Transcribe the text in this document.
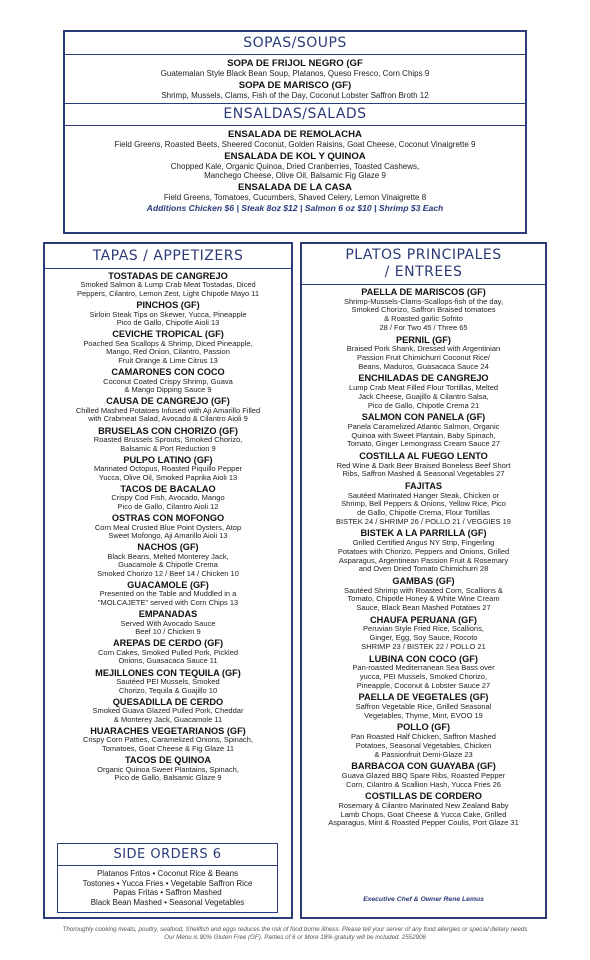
SOPAS/SOUPS
SOPA DE FRIJOL NEGRO (GF
Guatemalan Style Black Bean Soup, Platanos, Queso Fresco, Corn Chips 9
SOPA DE MARISCO (GF)
Shrimp, Mussels, Clams, Fish of the Day, Coconut Lobster Saffron Broth 12
ENSALDAS/SALADS
ENSALADA DE REMOLACHA
Field Greens, Roasted Beets, Sheered Coconut, Golden Raisins, Goat Cheese, Coconut Vinaigrette 9
ENSALADA DE KOL Y QUINOA
Chopped Kale, Organic Quinoa, Dried Cranberries, Toasted Cashews,
Manchego Cheese, Olive Oil, Balsamic Fig Glaze 9
ENSALADA DE LA CASA
Field Greens, Tomatoes, Cucumbers, Shaved Celery, Lemon Vinaigrette 8
Additions Chicken $6 | Steak 8oz $12 | Salmon 6 oz $10 | Shrimp $3 Each
TAPAS / APPETIZERS
TOSTADAS DE CANGREJO
Smoked Salmon & Lump Crab Meat Tostadas, Diced
Peppers, Cilantro, Lemon Zest, Light Chipotle Mayo 11
PINCHOS (GF)
Sirloin Steak Tips on Skewer, Yucca, Pineapple
Pico de Gallo, Chipotle Aioli 13
CEVICHE TROPICAL (GF)
Poached Sea Scallops & Shrimp, Diced Pineapple,
Mango, Red Onion, Cilantro, Passion
Fruit Orange & Lime Citrus 13
CAMARONES CON COCO
Coconut Coated Crispy Shrimp, Guava
& Mango Dipping Sauce 9
CAUSA DE CANGREJO (GF)
Chilled Mashed Potatoes Infused with Aji Amarillo Filled
with Crabmeat Salad, Avocado & Cilantro Aioli 9
BRUSELAS CON CHORIZO (GF)
Roasted Brussels Sprouts, Smoked Chorizo,
Balsamic & Port Reduction 9
PULPO LATINO (GF)
Marinated Octopus, Roasted Piquillo Pepper
Yucca, Olive Oil, Smoked Paprika Aioli 13
TACOS DE BACALAO
Crispy Cod Fish, Avocado, Mango
Pico de Gallo, Cilantro Aioli 12
OSTRAS CON MOFONGO
Corn Meal Crusted Blue Point Oysters, Atop
Sweet Mofongo, Aji Amarillo Aioli 13
NACHOS (GF)
Black Beans, Melted Monterey Jack,
Guacamole & Chipotle Crema
Smoked Chorizo 12 / Beef 14 / Chicken 10
GUACAMOLE (GF)
Presented on the Table and Muddled in a
"MOLCAJETE" served with Corn Chips 13
EMPANADAS
Served With Avocado Sauce
Beef 10 / Chicken 9
AREPAS DE CERDO (GF)
Corn Cakes, Smoked Pulled Pork, Pickled
Onions, Guasacaca Sauce 11
MEJILLONES CON TEQUILA (GF)
Sautéed PEI Mussels, Smoked
Chorizo, Tequila & Guajillo 10
QUESADILLA DE CERDO
Smoked Guava Glazed Pulled Pork, Cheddar
& Monterey Jack, Guacamole 11
HUARACHES VEGETARIANOS (GF)
Crispy Corn Patties, Caramelized Onions, Spinach,
Tomatoes, Goat Cheese & Fig Glaze 11
TACOS DE QUINOA
Organic Quinoa Sweet Plantains, Spinach,
Pico de Gallo, Balsamic Glaze 9
SIDE ORDERS 6
Platanos Fritos • Coconut Rice & Beans
Tostones • Yucca Fries • Vegetable Saffron Rice
Papas Fritas • Saffron Mashed
Black Bean Mashed • Seasonal Vegetables
PLATOS PRINCIPALES
/ ENTREES
PAELLA DE MARISCOS (GF)
Shrimp-Mussels-Clams-Scallops-fish of the day,
Smoked Chorizo, Saffron Braised tomatoes
& Roasted garlic Sofrito
28 / For Two 45 / Three 65
PERNIL (GF)
Braised Pork Shank, Dressed with Argentinian
Passion Fruit Chimichurri Coconut Rice/
Beans, Maduros, Guasacaca Sauce 24
ENCHILADAS DE CANGREJO
Lump Crab Meat Filled Flour Tortillas, Melted
Jack Cheese, Guajillo & Cilantro Salsa,
Pico de Gallo, Chipotle Crema 21
SALMON CON PANELA (GF)
Panela Caramelized Atlantic Salmon, Organic
Quinoa with Sweet Plantain, Baby Spinach,
Tomato, Ginger Lemongrass Cream Sauce 27
COSTILLA AL FUEGO LENTO
Red Wine & Dark Beer Braised Boneless Beef Short
Ribs, Saffron Mashed & Seasonal Vegetables 27
FAJITAS
Sautéed Marinated Hanger Steak, Chicken or
Shrimp, Bell Peppers & Onions, Yellow Rice, Pico
de Gallo, Chipotle Crema, Flour Tortillas
BISTEK 24 / SHRIMP 26 / POLLO 21 / VEGGIES 19
BISTEK A LA PARRILLA (GF)
Grilled Certified Angus NY Strip, Fingerling
Potatoes with Chorizo, Peppers and Onions, Grilled
Asparagus, Argentinean Passion Fruit & Rosemary
and Oven Dried Tomato Chimichurri 28
GAMBAS (GF)
Sautéed Shrimp with Roasted Corn, Scallions &
Tomato, Chipotle Honey & White Wine Cream
Sauce, Black Bean Mashed Potatoes 27
CHAUFA PERUANA (GF)
Peruvian Style Fried Rice, Scallions,
Ginger, Egg, Soy Sauce, Rocoto
SHRIMP 23 / BISTEK 22 / POLLO 21
LUBINA CON COCO (GF)
Pan-roasted Mediterranean Sea Bass over
yucca, PEI Mussels, Smoked Chorizo,
Pineapple, Coconut & Lobster Sauce 27
PAELLA DE VEGETALES (GF)
Saffron Vegetable Rice, Grilled Seasonal
Vegetables, Thyme, Mint, EVOO 19
POLLO (GF)
Pan Roasted Half Chicken, Saffron Mashed
Potatoes, Seasonal Vegetables, Chicken
& Passionfruit Demi-Glaze 23
BARBACOA CON GUAYABA (GF)
Guava Glazed BBQ Spare Ribs, Roasted Pepper
Corn, Cilantro & Scallion Hash, Yucca Fries 26
COSTILLAS DE CORDERO
Rosemary & Cilantro Marinated New Zealand Baby
Lamb Chops, Goat Cheese & Yucca Cake, Grilled
Asparagus, Mint & Roasted Pepper Coulis, Port Glaze 31
Executive Chef & Owner Rene Lemus
Thoroughly cooking meats, poultry, seafood, Shellfish and eggs reduces the risk of food borne illness. Please tell your server of any food allergies or special dietary needs
Our Menu is 90% Gluten Free (GF). Parties of 6 or More 18% gratuity will be included. 2552906
